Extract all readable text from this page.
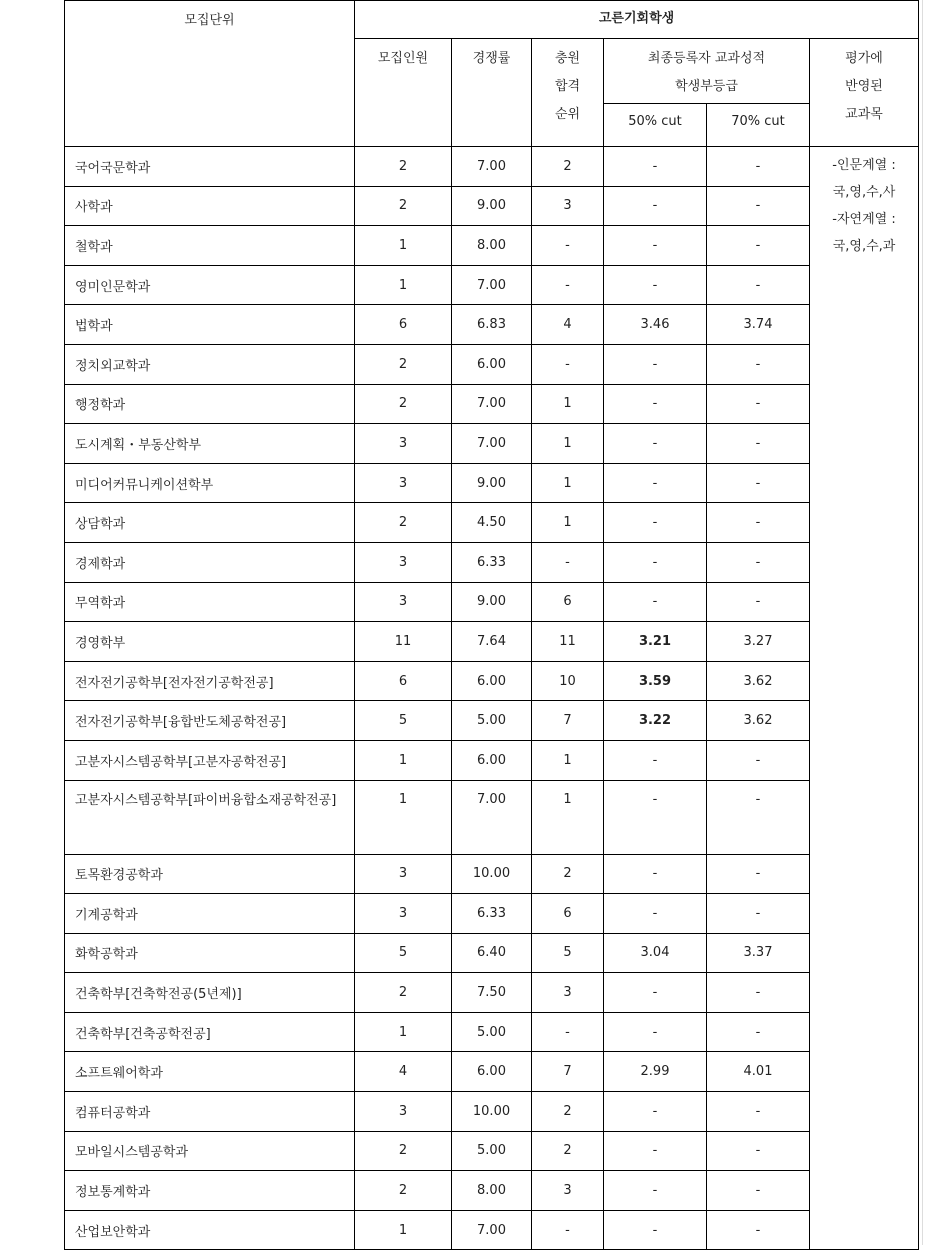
모집단위	고른기회학생					
	모집인원	경쟁률	충원
합격
순위	최종등록자 교과성적
학생부등급		평가에
반영된
교과목
				50% cut	70% cut	
국어국문학과	2	7.00	2	-	-	-인문계열 :
국,영,수,사
-자연계열 :
국,영,수,과
사학과	2	9.00	3	-	-	
철학과	1	8.00	-	-	-	
영미인문학과	1	7.00	-	-	-	
법학과	6	6.83	4	3.46	3.74	
정치외교학과	2	6.00	-	-	-	
행정학과	2	7.00	1	-	-	
도시계획・부동산학부	3	7.00	1	-	-	
미디어커뮤니케이션학부	3	9.00	1	-	-	
상담학과	2	4.50	1	-	-	
경제학과	3	6.33	-	-	-	
무역학과	3	9.00	6	-	-	
경영학부	11	7.64	11	3.21	3.27	
전자전기공학부[전자전기공학전공]	6	6.00	10	3.59	3.62	
전자전기공학부[융합반도체공학전공]	5	5.00	7	3.22	3.62	
고분자시스템공학부[고분자공학전공]	1	6.00	1	-	-	
고분자시스템공학부[파이버융합소재공학전공]	1	7.00	1	-	-	
토목환경공학과	3	10.00	2	-	-	
기계공학과	3	6.33	6	-	-	
화학공학과	5	6.40	5	3.04	3.37	
건축학부[건축학전공(5년제)]	2	7.50	3	-	-	
건축학부[건축공학전공]	1	5.00	-	-	-	
소프트웨어학과	4	6.00	7	2.99	4.01	
컴퓨터공학과	3	10.00	2	-	-	
모바일시스템공학과	2	5.00	2	-	-	
정보통계학과	2	8.00	3	-	-	
산업보안학과	1	7.00	-	-	-	
